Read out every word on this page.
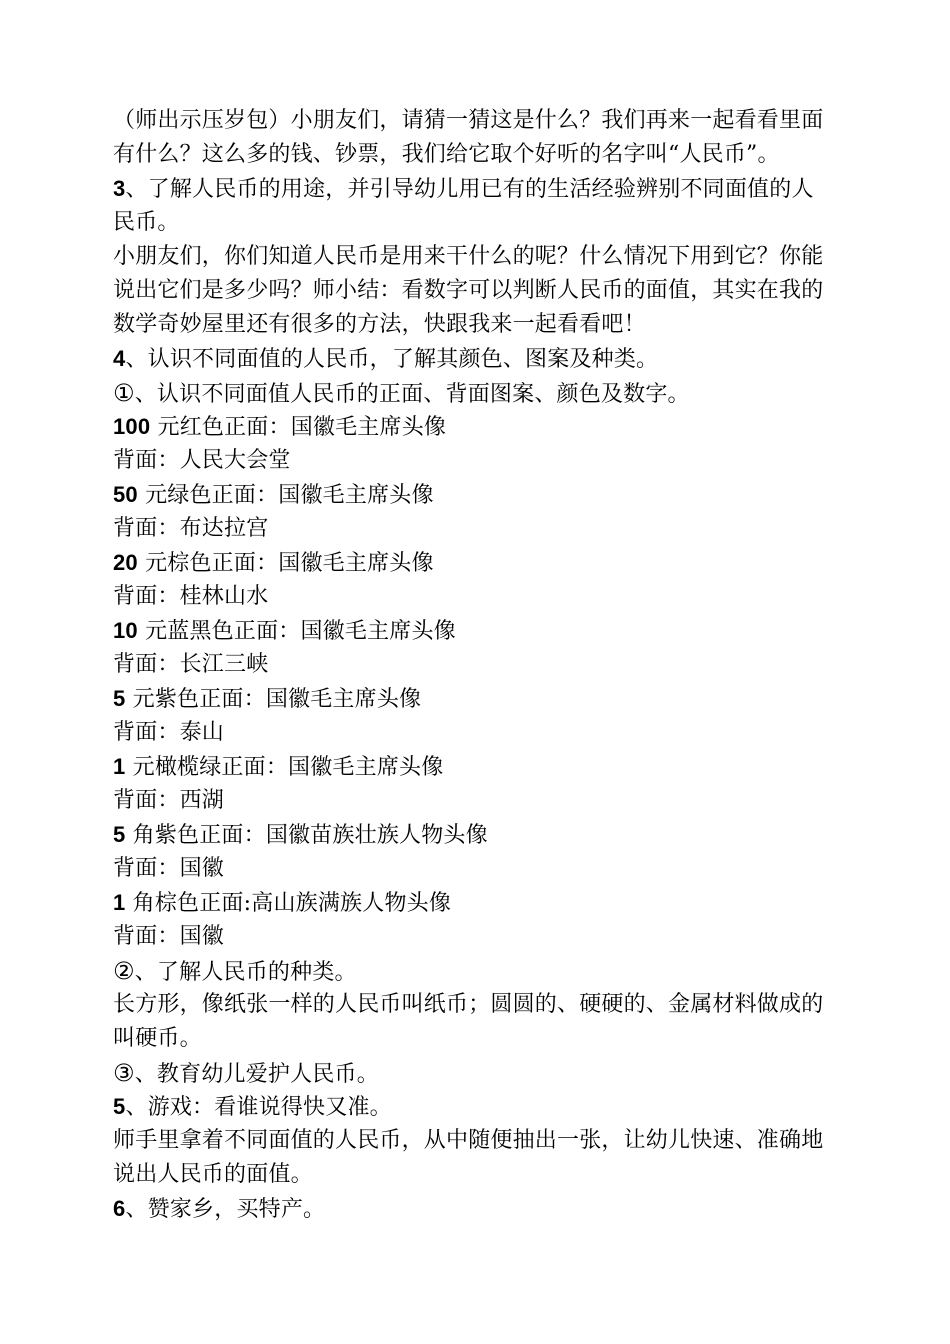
（师出示压岁包）小朋友们，请猜一猜这是什么？我们再来一起看看里面
有什么？这么多的钱、钞票，我们给它取个好听的名字叫“人民币”。
3、了解人民币的用途，并引导幼儿用已有的生活经验辨别不同面值的人
民币。
小朋友们，你们知道人民币是用来干什么的呢？什么情况下用到它？你能
说出它们是多少吗？师小结：看数字可以判断人民币的面值，其实在我的
数学奇妙屋里还有很多的方法，快跟我来一起看看吧！
4、认识不同面值的人民币，了解其颜色、图案及种类。
①、认识不同面值人民币的正面、背面图案、颜色及数字。
100 元红色正面：国徽毛主席头像
背面：人民大会堂
50 元绿色正面：国徽毛主席头像
背面：布达拉宫
20 元棕色正面：国徽毛主席头像
背面：桂林山水
10 元蓝黑色正面：国徽毛主席头像
背面：长江三峡
5 元紫色正面：国徽毛主席头像
背面：泰山
1 元橄榄绿正面：国徽毛主席头像
背面：西湖
5 角紫色正面：国徽苗族壮族人物头像
背面：国徽
1 角棕色正面:高山族满族人物头像
背面：国徽
②、了解人民币的种类。
长方形，像纸张一样的人民币叫纸币；圆圆的、硬硬的、金属材料做成的
叫硬币。
③、教育幼儿爱护人民币。
5、游戏：看谁说得快又准。
师手里拿着不同面值的人民币，从中随便抽出一张，让幼儿快速、准确地
说出人民币的面值。
6、赞家乡，买特产。
